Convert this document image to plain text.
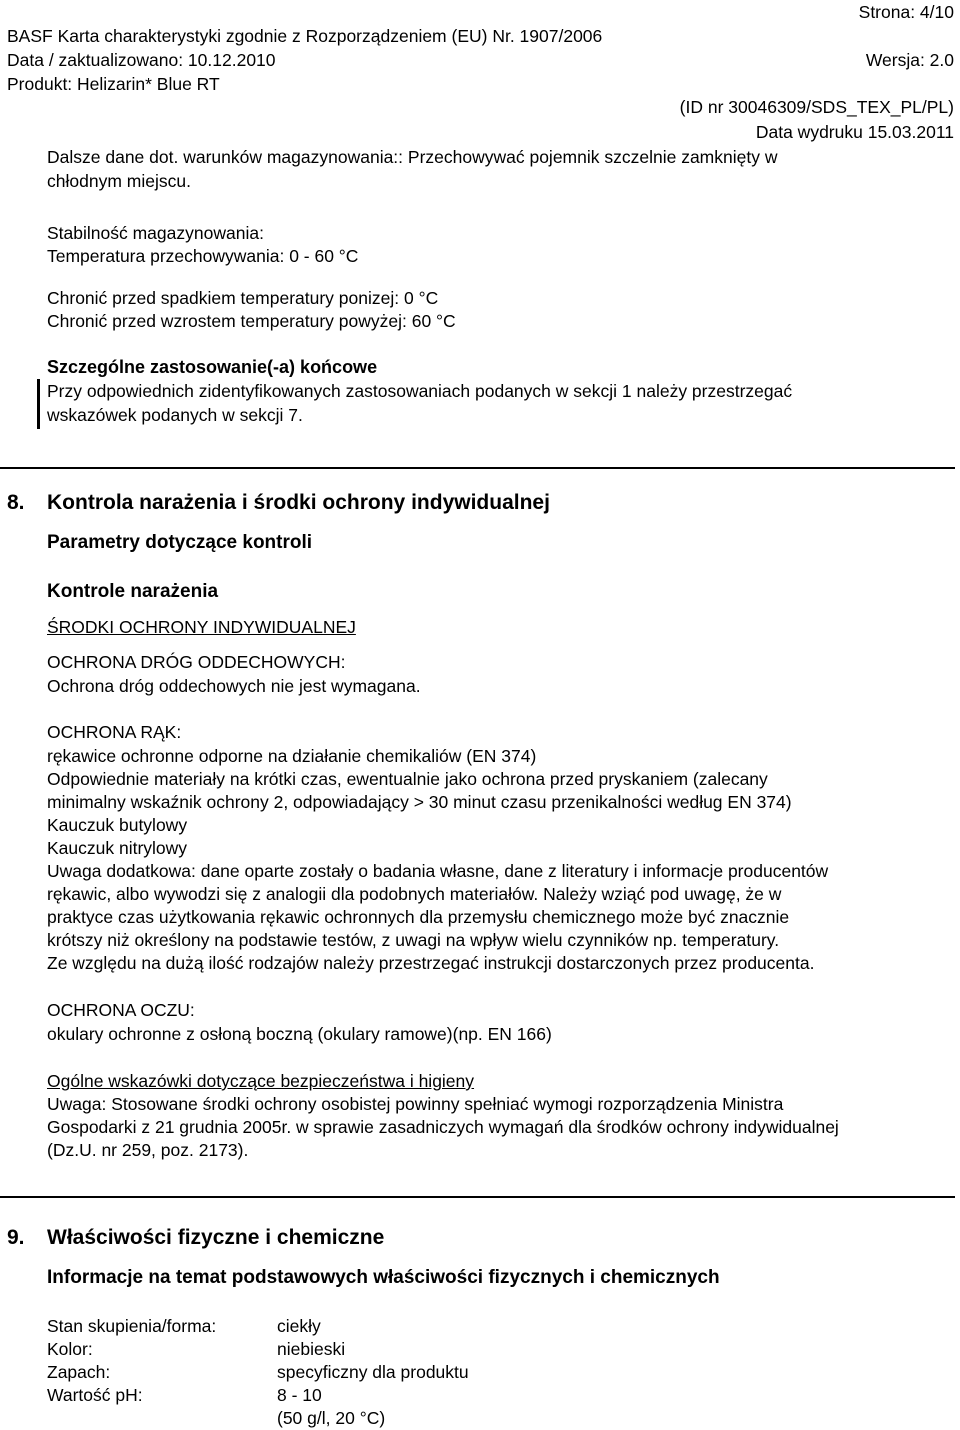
Strona: 4/10
BASF Karta charakterystyki zgodnie z Rozporządzeniem (EU) Nr. 1907/2006
Data / zaktualizowano: 10.12.2010	Wersja: 2.0
Produkt: Helizarin* Blue RT
(ID nr 30046309/SDS_TEX_PL/PL)
Data wydruku 15.03.2011
Dalsze dane dot. warunków magazynowania:: Przechowywać pojemnik szczelnie zamknięty w
chłodnym miejscu.
Stabilność magazynowania:
Temperatura przechowywania: 0 - 60 °C
Chronić przed spadkiem temperatury ponizej: 0 °C
Chronić przed wzrostem temperatury powyżej: 60 °C
Szczególne zastosowanie(-a) końcowe
Przy odpowiednich zidentyfikowanych zastosowaniach podanych w sekcji 1 należy przestrzegać
wskazówek podanych w sekcji 7.
8. Kontrola narażenia i środki ochrony indywidualnej
Parametry dotyczące kontroli
Kontrole narażenia
ŚRODKI OCHRONY INDYWIDUALNEJ
OCHRONA DRÓG ODDECHOWYCH:
Ochrona dróg oddechowych nie jest wymagana.
OCHRONA RĄK:
rękawice ochronne odporne na działanie chemikaliów (EN 374)
Odpowiednie materiały na krótki czas, ewentualnie jako ochrona przed pryskaniem (zalecany
minimalny wskaźnik ochrony 2, odpowiadający > 30 minut czasu przenikalności według EN 374)
Kauczuk butylowy
Kauczuk nitrylowy
Uwaga dodatkowa: dane oparte zostały o badania własne, dane z literatury i informacje producentów
rękawic, albo wywodzi się z analogii dla podobnych materiałów. Należy wziąć pod uwagę, że w
praktyce czas użytkowania rękawic ochronnych dla przemysłu chemicznego może być znacznie
krótszy niż określony na podstawie testów, z uwagi na wpływ wielu czynników np. temperatury.
Ze względu na dużą ilość rodzajów należy przestrzegać instrukcji dostarczonych przez producenta.
OCHRONA OCZU:
okulary ochronne z osłoną boczną (okulary ramowe)(np. EN 166)
Ogólne wskazówki dotyczące bezpieczeństwa i higieny
Uwaga: Stosowane środki ochrony osobistej powinny spełniać wymogi rozporządzenia Ministra
Gospodarki z 21 grudnia 2005r. w sprawie zasadniczych wymagań dla środków ochrony indywidualnej
(Dz.U. nr 259, poz. 2173).
9. Właściwości fizyczne i chemiczne
Informacje na temat podstawowych właściwości fizycznych i chemicznych
Stan skupienia/forma:	ciekły
Kolor:	niebieski
Zapach:	specyficzny dla produktu
Wartość pH:	8 - 10
(50 g/l, 20 °C)
